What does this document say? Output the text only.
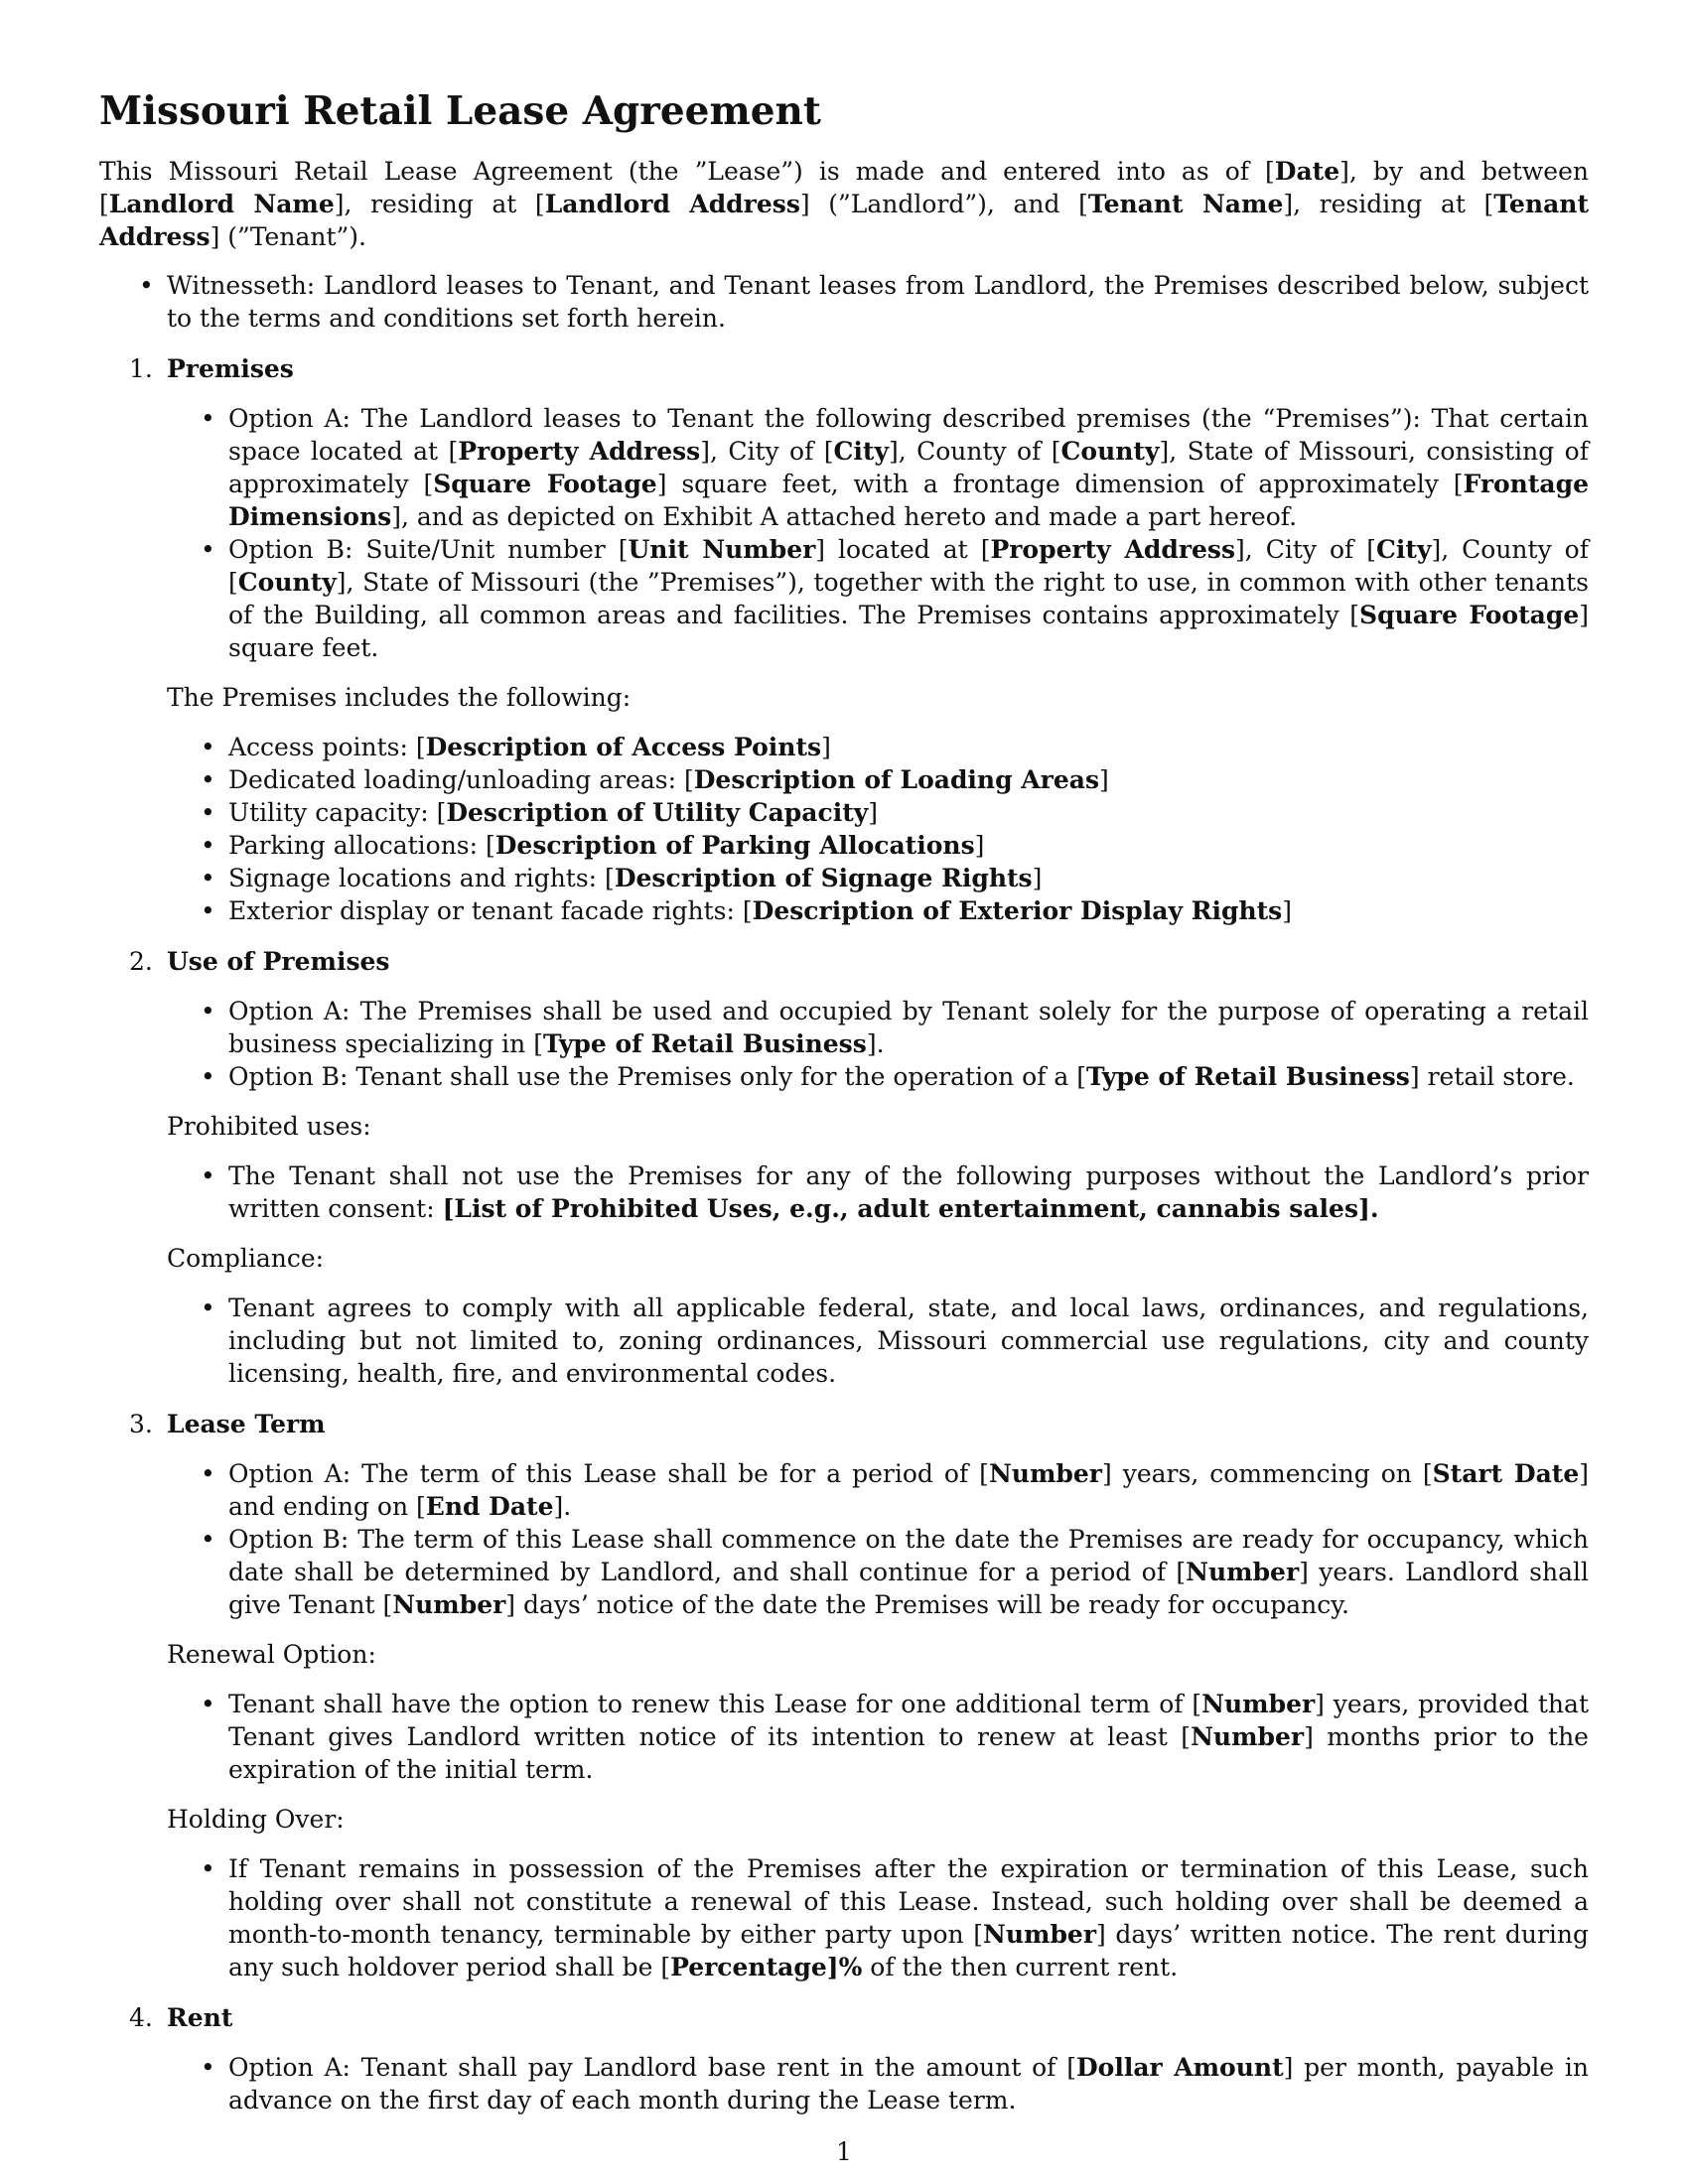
Missouri Retail Lease Agreement

This Missouri Retail Lease Agreement (the ”Lease”) is made and entered into as of [Date], by and between [Landlord Name], residing at [Landlord Address] (”Landlord”), and [Tenant Name], residing at [Tenant Address] (”Tenant”).

• Witnesseth: Landlord leases to Tenant, and Tenant leases from Landlord, the Premises described below, subject to the terms and conditions set forth herein.
1. Premises
• Option A: The Landlord leases to Tenant the following described premises (the “Premises”): That certain space located at [Property Address], City of [City], County of [County], State of Missouri, consisting of approximately [Square Footage] square feet, with a frontage dimension of approximately [Frontage Dimensions], and as depicted on Exhibit A attached hereto and made a part hereof.
• Option B: Suite/Unit number [Unit Number] located at [Property Address], City of [City], County of [County], State of Missouri (the ”Premises”), together with the right to use, in common with other tenants of the Building, all common areas and facilities. The Premises contains approximately [Square Footage] square feet.

The Premises includes the following:

• Access points: [Description of Access Points]
• Dedicated loading/unloading areas: [Description of Loading Areas]
• Utility capacity: [Description of Utility Capacity]
• Parking allocations: [Description of Parking Allocations]
• Signage locations and rights: [Description of Signage Rights]
• Exterior display or tenant facade rights: [Description of Exterior Display Rights]
2. Use of Premises
• Option A: The Premises shall be used and occupied by Tenant solely for the purpose of operating a retail business specializing in [Type of Retail Business].
• Option B: Tenant shall use the Premises only for the operation of a [Type of Retail Business] retail store.

Prohibited uses:

• The Tenant shall not use the Premises for any of the following purposes without the Landlord’s prior written consent: [List of Prohibited Uses, e.g., adult entertainment, cannabis sales].

Compliance:

• Tenant agrees to comply with all applicable federal, state, and local laws, ordinances, and regulations, including but not limited to, zoning ordinances, Missouri commercial use regulations, city and county licensing, health, fire, and environmental codes.
3. Lease Term
• Option A: The term of this Lease shall be for a period of [Number] years, commencing on [Start Date] and ending on [End Date].
• Option B: The term of this Lease shall commence on the date the Premises are ready for occupancy, which date shall be determined by Landlord, and shall continue for a period of [Number] years. Landlord shall give Tenant [Number] days’ notice of the date the Premises will be ready for occupancy.

Renewal Option:

• Tenant shall have the option to renew this Lease for one additional term of [Number] years, provided that Tenant gives Landlord written notice of its intention to renew at least [Number] months prior to the expiration of the initial term.

Holding Over:

• If Tenant remains in possession of the Premises after the expiration or termination of this Lease, such holding over shall not constitute a renewal of this Lease. Instead, such holding over shall be deemed a month-to-month tenancy, terminable by either party upon [Number] days’ written notice. The rent during any such holdover period shall be [Percentage]% of the then current rent.
4. Rent
• Option A: Tenant shall pay Landlord base rent in the amount of [Dollar Amount] per month, payable in advance on the first day of each month during the Lease term.
1
